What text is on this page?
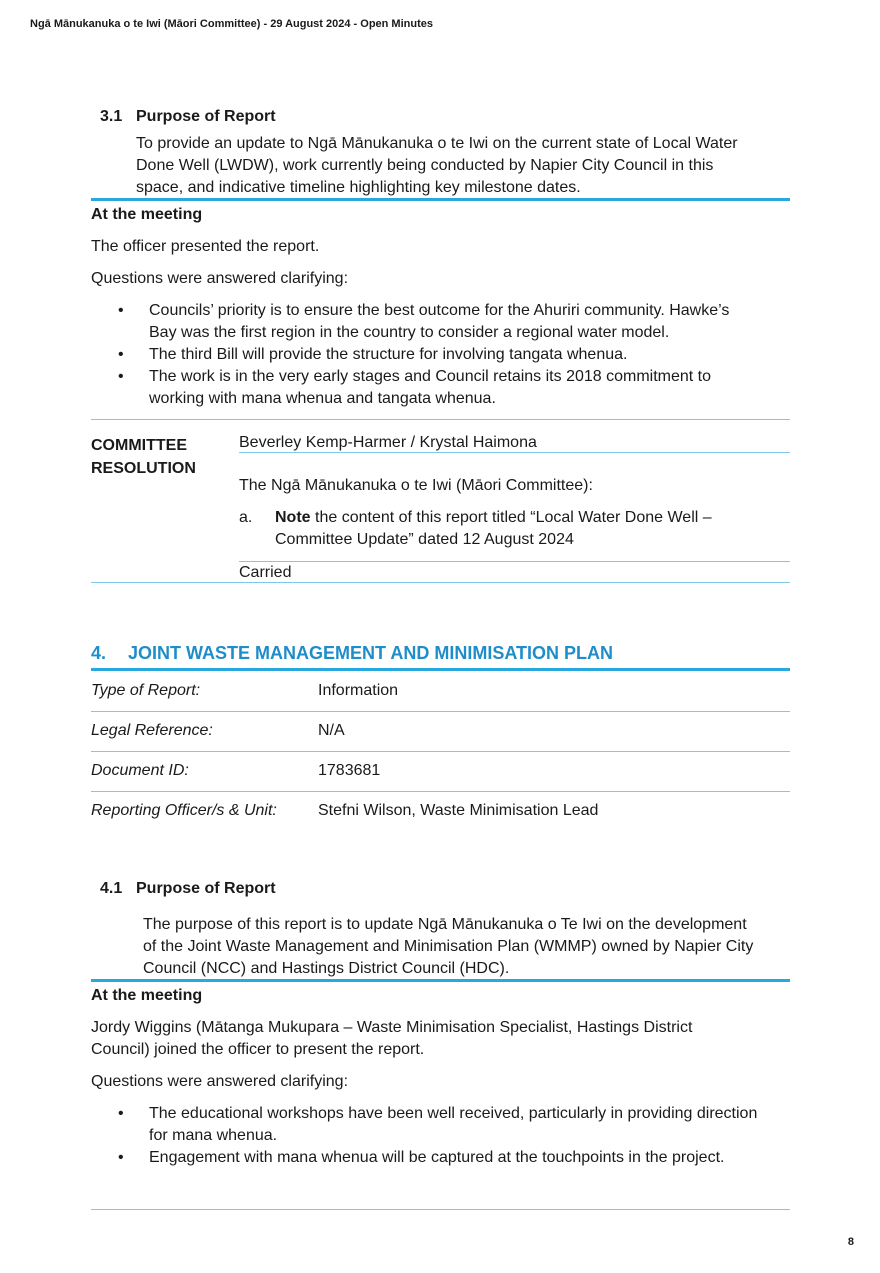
Ngā Mānukanuka o te Iwi (Māori Committee) - 29 August 2024 - Open Minutes
3.1 Purpose of Report
To provide an update to Ngā Mānukanuka o te Iwi on the current state of Local Water
Done Well (LWDW), work currently being conducted by Napier City Council in this
space, and indicative timeline highlighting key milestone dates.
At the meeting
The officer presented the report.
Questions were answered clarifying:
• Councils’ priority is to ensure the best outcome for the Ahuriri community. Hawke’s
Bay was the first region in the country to consider a regional water model.
• The third Bill will provide the structure for involving tangata whenua.
• The work is in the very early stages and Council retains its 2018 commitment to
working with mana whenua and tangata whenua.
COMMITTEE
RESOLUTION
Beverley Kemp-Harmer / Krystal Haimona
The Ngā Mānukanuka o te Iwi (Māori Committee):
a. Note the content of this report titled “Local Water Done Well –
Committee Update” dated 12 August 2024
Carried
4. JOINT WASTE MANAGEMENT AND MINIMISATION PLAN
Type of Report:	Information
Legal Reference:	N/A
Document ID:	1783681
Reporting Officer/s & Unit:	Stefni Wilson, Waste Minimisation Lead
4.1 Purpose of Report
The purpose of this report is to update Ngā Mānukanuka o Te Iwi on the development
of the Joint Waste Management and Minimisation Plan (WMMP) owned by Napier City
Council (NCC) and Hastings District Council (HDC).
At the meeting
Jordy Wiggins (Mātanga Mukupara – Waste Minimisation Specialist, Hastings District
Council) joined the officer to present the report.
Questions were answered clarifying:
• The educational workshops have been well received, particularly in providing direction
for mana whenua.
• Engagement with mana whenua will be captured at the touchpoints in the project.
8
